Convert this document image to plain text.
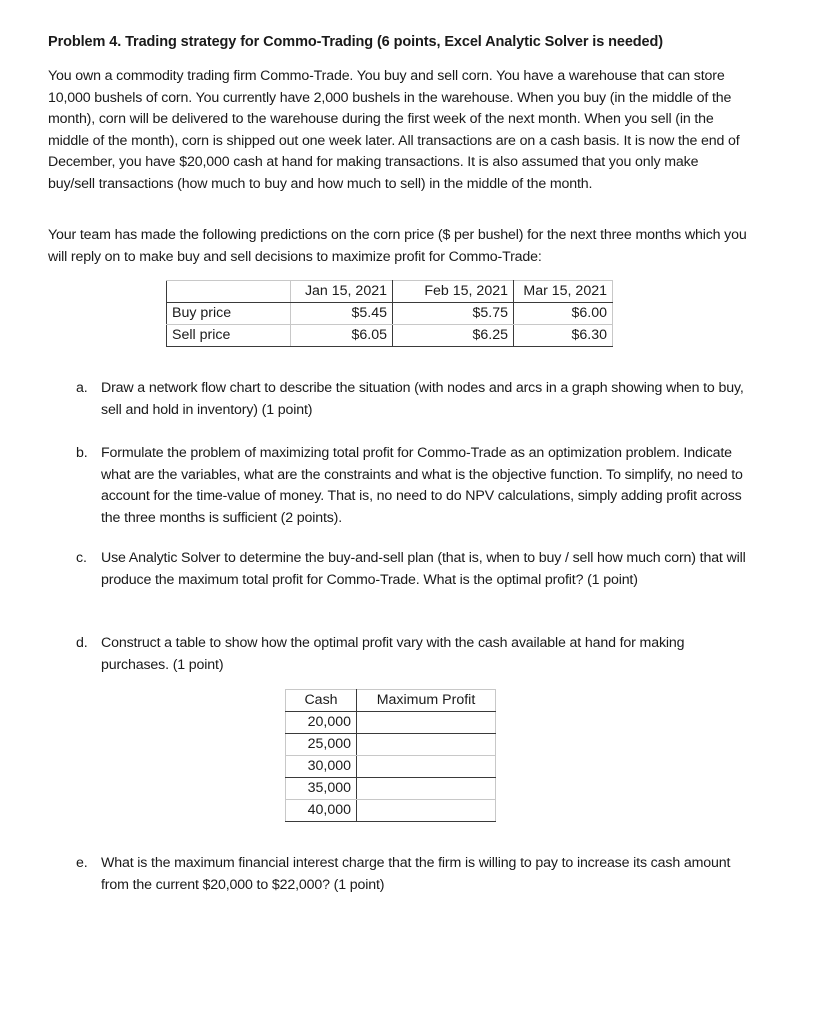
Problem 4. Trading strategy for Commo-Trading (6 points, Excel Analytic Solver is needed)
You own a commodity trading firm Commo-Trade. You buy and sell corn. You have a warehouse that can store 10,000 bushels of corn. You currently have 2,000 bushels in the warehouse. When you buy (in the middle of the month), corn will be delivered to the warehouse during the first week of the next month. When you sell (in the middle of the month), corn is shipped out one week later. All transactions are on a cash basis. It is now the end of December, you have $20,000 cash at hand for making transactions. It is also assumed that you only make buy/sell transactions (how much to buy and how much to sell) in the middle of the month.
Your team has made the following predictions on the corn price ($ per bushel) for the next three months which you will reply on to make buy and sell decisions to maximize profit for Commo-Trade:
	Jan 15, 2021	Feb 15, 2021	Mar 15, 2021
Buy price	$5.45	$5.75	$6.00
Sell price	$6.05	$6.25	$6.30
a. Draw a network flow chart to describe the situation (with nodes and arcs in a graph showing when to buy, sell and hold in inventory) (1 point)
b. Formulate the problem of maximizing total profit for Commo-Trade as an optimization problem. Indicate what are the variables, what are the constraints and what is the objective function. To simplify, no need to account for the time-value of money. That is, no need to do NPV calculations, simply adding profit across the three months is sufficient (2 points).
c.	Use Analytic Solver to determine the buy-and-sell plan (that is, when to buy / sell how much corn) that will produce the maximum total profit for Commo-Trade. What is the optimal profit? (1 point)
d. Construct a table to show how the optimal profit vary with the cash available at hand for making purchases. (1 point)
Cash	Maximum Profit
20,000	
25,000	
30,000	
35,000	
40,000	
e. What is the maximum financial interest charge that the firm is willing to pay to increase its cash amount from the current $20,000 to $22,000? (1 point)
